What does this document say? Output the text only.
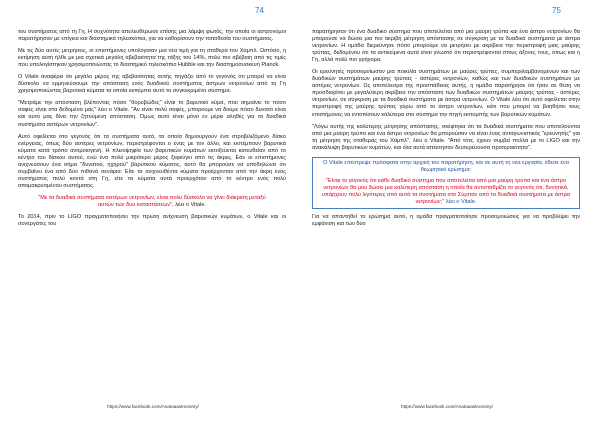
74

του συστήματος από τη Γη. Η συχνότητα απελευθέρωσε επίσης μια λάμψη φωτός, την οποία οι αστρονόμοι παρατήρησαν με επίγεια και διαστημικά τηλεσκόπια, για να καθορίσουν την τοποθεσία του συστήματος.

Με τις δύο αυτές μετρήσεις, οι επιστήμονες υπολόγισαν μια νέα τιμή για τη σταθερά του Χάμπλ. Ωστόσο, η εκτίμηση αυτή ήλθε με μια σχετικά μεγάλη αβεβαιότητα της τάξης του 14%, πολύ πιο αβέβαιη από τις τιμές που υπολογίστηκαν χρησιμοποιώντας το διαστημικό τηλεσκόπιο Hubble και την διαστημοσυσκευή Planck.

Ο Vitale αναφέρει ότι μεγάλο μέρος της αβεβαιότητας αυτής πηγάζει από το γεγονός ότι μπορεί να είναι δύσκολο να ερμηνεύσουμε την απόσταση ενός δυαδικού συστήματος άστρων νετρονίων από τη Γη χρησιμοποιώντας βαρυτικά κύματα τα οποία εκπέμπει αυτό το συγκεκριμένο σύστημα.

"Μετράμε την απόσταση βλέποντας πόσο "θορυβώδες" είναι το βαρυτικό κύμα, που σημαίνει το πόσο σαφές είναι στα δεδομένα μας" λέει ο Vitale. "Αν είναι πολύ σαφές, μπορούμε να δούμε πόσο δυνατό είναι και αυτό μας δίνει την ζητούμενη απόσταση. Όμως αυτό είναι μόνο εν μέρει αληθές για τα δυαδικά συστήματα αστέρων νετρονίων".

Αυτό οφείλεται στο γεγονός ότι τα συστήματα αυτά, τα οποία δημιουργούν ένα στροβιλιζόμενο δίσκο ενέργειας, όπως δύο αστέρες νετρονίων, περιστρέφονται ο ένας με τον άλλο, και εκπέμπουν βαρυτικά κύματα κατά τρόπο ανομοιογενή. Η πλειοψηφία των βαρυτικών κυμάτων εκτοξεύεται κατευθείαν από το κέντρο του δίσκου αυτού, ενώ ένα πολύ μικρότερο μέρος ξεφεύγει από τις άκρες. Εάν οι επιστήμονες ανιχνεύσουν ένα σήμα "δυνατού, ηχηρού" βαρυτικού κύματος, αυτό θα μπορούσε να υποδηλώνει ότι συμβαίνει ένα από δύο πιθανά σενάρια: Είτε τα ανιχνευθέντα κύματα προέρχονταν από την άκρη ενός συστήματος πολύ κοντά στη Γη, είτε τα κύματα αυτά προερχόταν από το κέντρο ενός πολύ απομακρυσμένου συστήματος.

"Με τα δυαδικά συστήματα αστέρων νετρονίων, είναι πολύ δύσκολο να γίνει διάκριση μεταξύ αυτών των δύο καταστάσεων", λέει ο Vitale.

Το 2014, πριν το LIGO πραγματοποιήσει την πρώτη ανίχνευση βαρυτικών κυμάτων, ο Vitale και οι συνεργάτες του

https://www.facebook.com/Anatoaastronomy/
75

παρατήρησαν ότι ένα δυαδικό σύστημα που αποτελείται από μια μαύρη τρύπα και ένα άστρο νετρονίων θα μπορούσε να δώσει μια πιο ακριβή μέτρηση απόστασης σε σύγκριση με τα δυαδικά συστήματα με άστρα νετρονίων. Η ομάδα διερεύνησε πόσο μπορούμε να μετρήσει με ακρίβεια την περιστροφή μιας μαύρης τρύπας, δεδομένου ότι τα αντικείμενα αυτά είναι γνωστό ότι περιστρέφονται στους άξονες τους, όπως και η Γη, αλλά πολύ πιο γρήγορα.

Οι ερευνητές προσομοίωσαν μια ποικιλία συστημάτων με μαύρες τρύπες, συμπεριλαμβανομένων και των δυαδικών συστημάτων μαύρης τρύπας - αστέρες νετρονίων, καθώς και των δυαδικών συστημάτων με αστέρες νετρονίων. Ως αποτέλεσμα της προσπάθειας αυτής, η ομάδα παρατήρησε ότι ήταν σε θέση να προσδιορίσει με μεγαλύτερη ακρίβεια την απόσταση των δυαδικών συστημάτων μαύρης τρύπας - αστέρες νετρονίων, σε σύγκριση με τα δυαδικά συστήματα με άστρα νετρονίων. Ο Vitale λέει ότι αυτό οφείλεται στην περιστροφή της μαύρης τρύπας γύρω από το άστρο νετρονίων, κάτι που μπορεί να βοηθήσει τους επιστήμονες να εντοπίσουν καλύτερα στο σύστημα την πηγή εκπομπής των βαρυτικών κυμάτων.

"Λόγω αυτής της καλύτερης μέτρησης απόστασης, σκέφτηκα ότι τα δυαδικά συστήματα που αποτελούνται από μια μαύρη τρύπα και ένα άστρο νετρονίων θα μπορούσαν να είναι ένας ανταγωνιστικός "ερευνητής" για τη μέτρηση της σταθεράς του Χάμπλ", λέει ο Vitale. "Από τότε, έχουν συμβεί πολλά με το LIGO και την ανακάλυψη βαρυτικών κυμάτων, και όλα αυτά απέκτησαν δευτερεύουσα προτεραιότητα".

Ο Vitale επέστρεψε πρόσφατα στην αρχική του παρατήρηση, και σε αυτή τη νέα εργασία, έθεσε ένα θεωρητικό ερώτημα:
"Είναι το γεγονός ότι κάθε δυαδικό σύστημα που αποτελείται από μια μαύρη τρύπα και ένα άστρο νετρονίων θα μου δώσει μια καλύτερη απόσταση η οποία θα αντισταθμίζει το γεγονός ότι, δυνητικά, υπάρχουν πολύ λιγότερες από αυτά τα συστήματα στο Σύμπαν από τα δυαδικά συστήματα με άστρα νετρονίων;" λέει ο Vitale.

Για να απαντηθεί το ερώτημα αυτό, η ομάδα πραγματοποίησε προσομοιώσεις για να προβλέψει την εμφάνιση και των δύο

https://www.facebook.com/Anatoaastronomy/
